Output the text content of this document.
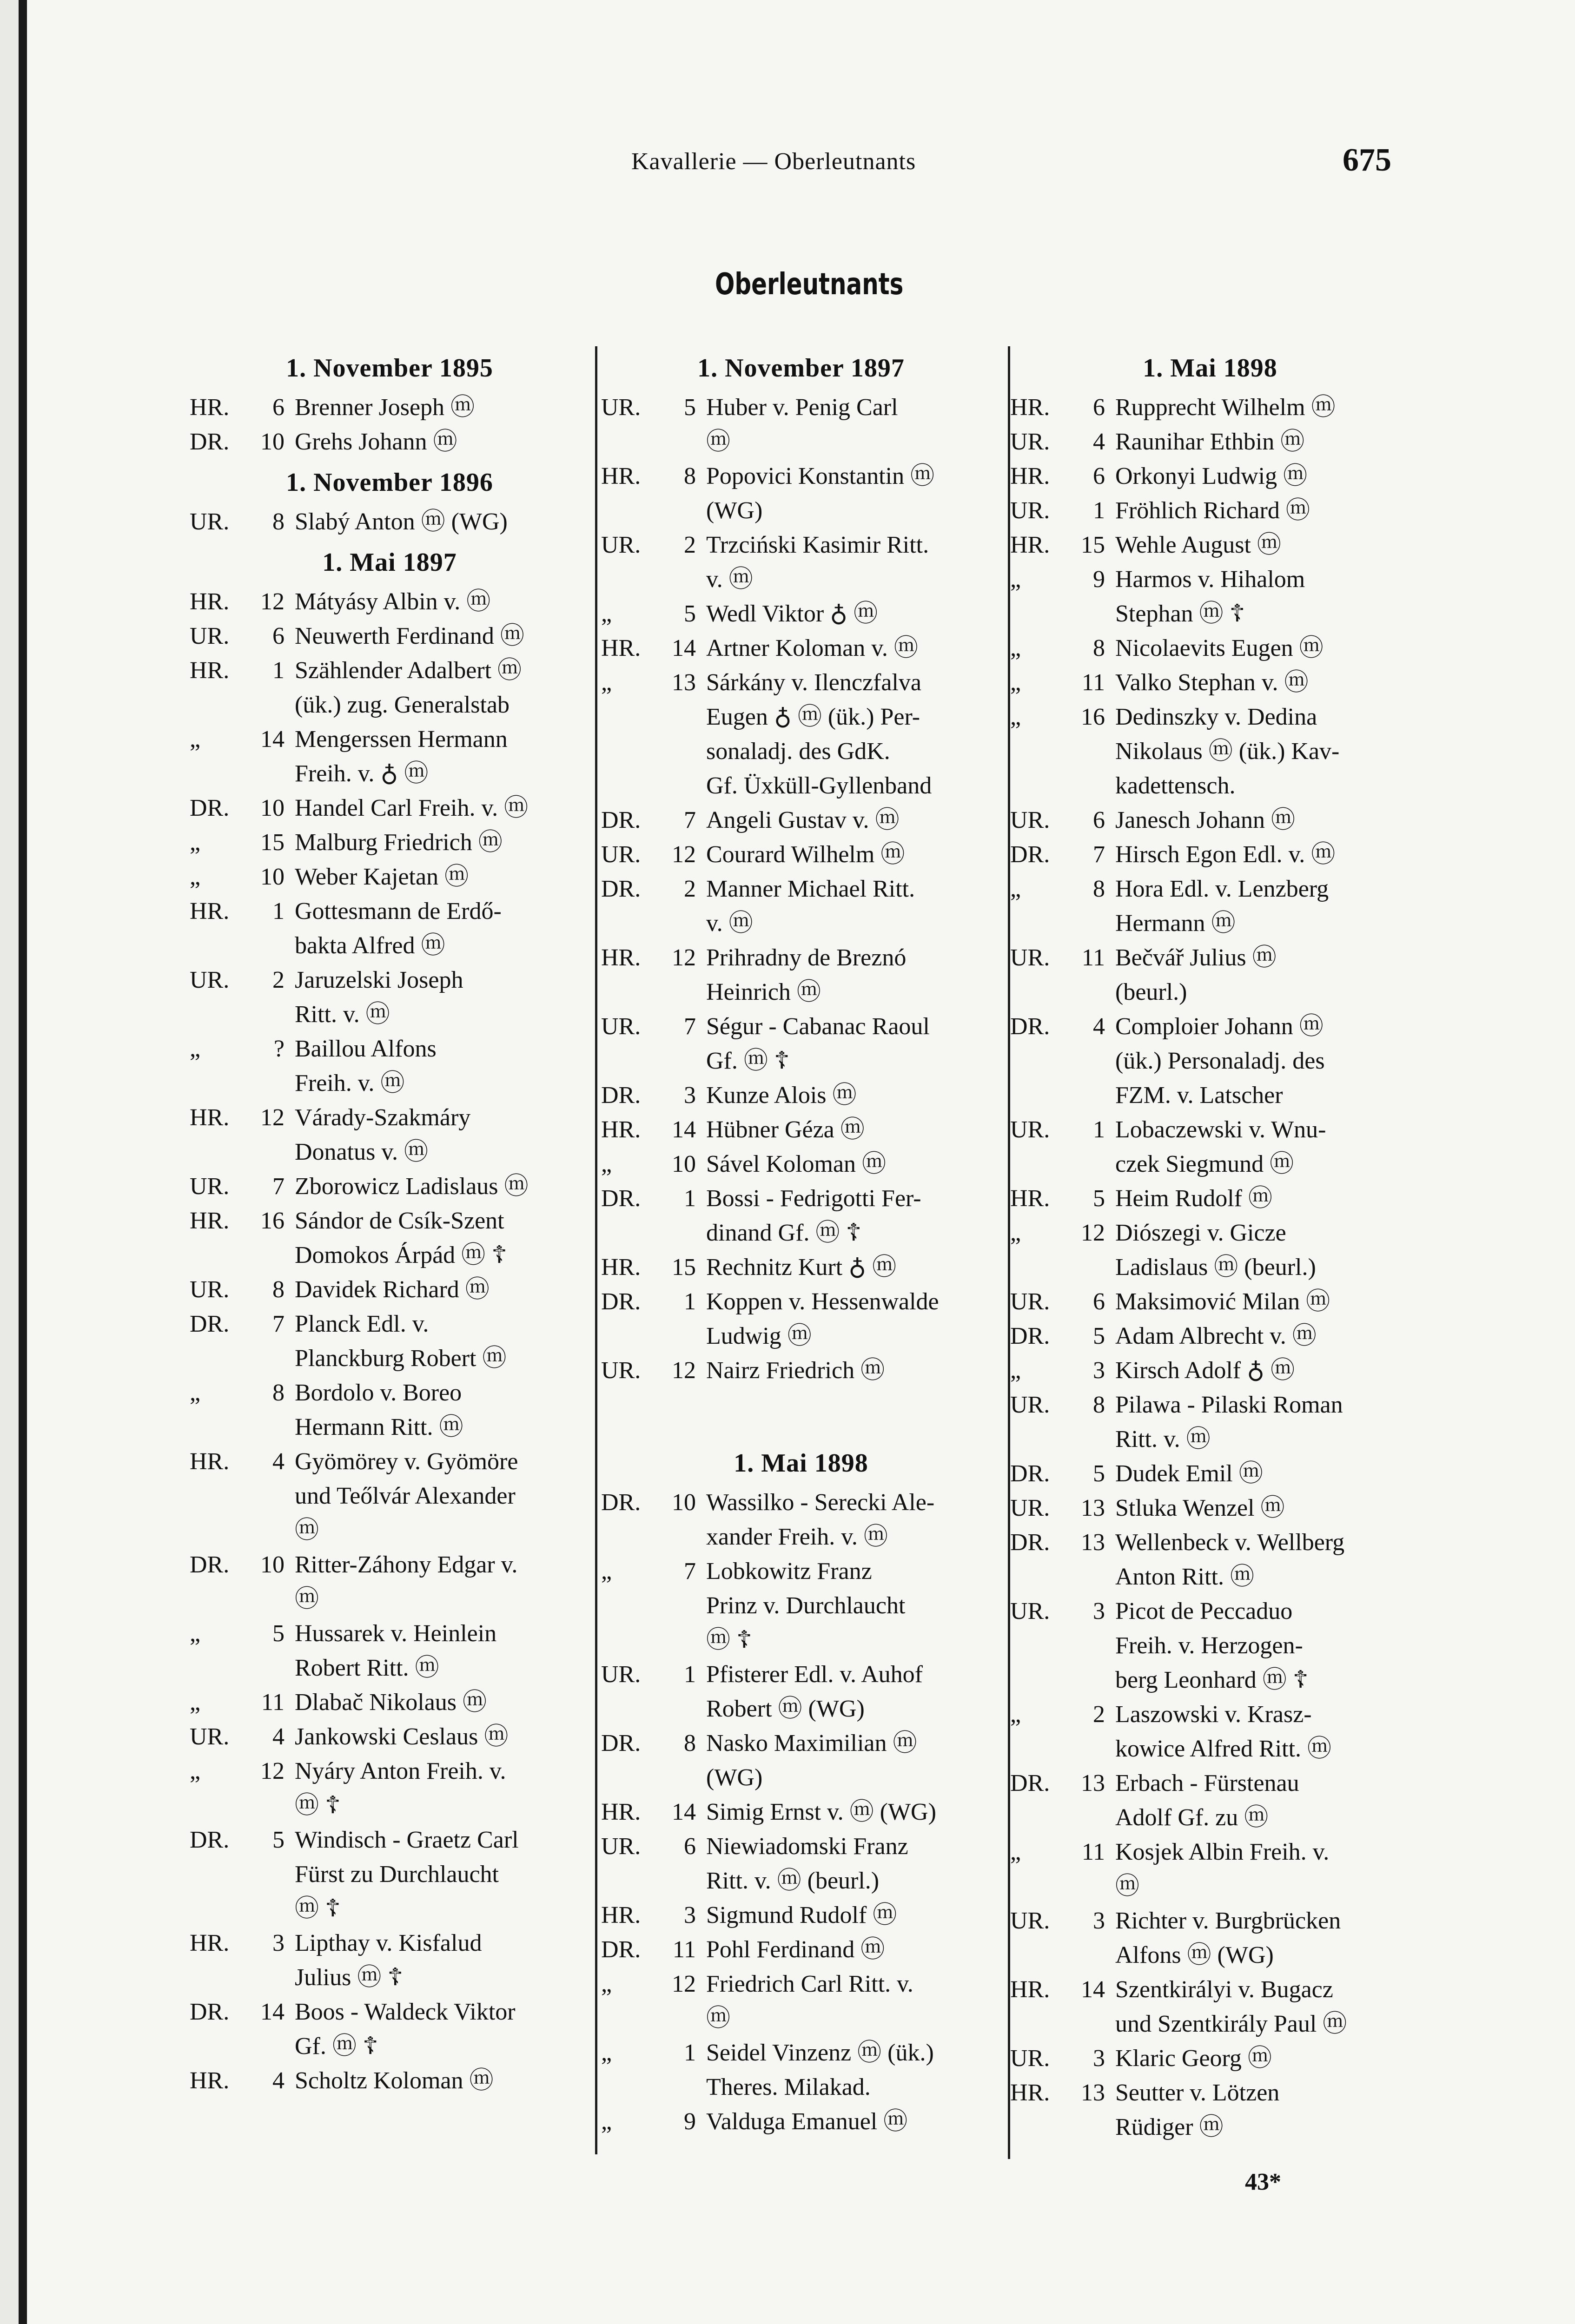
Kavallerie — Oberleutnants	675
Oberleutnants
1. November 1895
HR.	6 Brenner Joseph ⓜ
DR.	10 Grehs Johann ⓜ
1. November 1896
UR.	8 Slabý Anton ⓜ (WG)
1. Mai 1897
HR.	12 Mátyásy Albin v. ⓜ
UR.	6 Neuwerth Ferdinand ⓜ
HR.	1 Szählender Adalbert ⓜ
(ük.) zug. Generalstab
„	14 Mengerssen Hermann
Freih. v. ♁ ⓜ
DR.	10 Handel Carl Freih. v. ⓜ
„	15 Malburg Friedrich ⓜ
„	10 Weber Kajetan ⓜ
HR.	1 Gottesmann de Erdő-
bakta Alfred ⓜ
UR.	2 Jaruzelski Joseph
Ritt. v. ⓜ
„	? Baillou Alfons
Freih. v. ⓜ
HR.	12 Várady-Szakmáry
Donatus v. ⓜ
UR.	7 Zborowicz Ladislaus ⓜ
HR.	16 Sándor de Csík-Szent
Domokos Árpád ⓜ ☦
UR.	8 Davidek Richard ⓜ
DR.	7 Planck Edl. v.
Planckburg Robert ⓜ
„	8 Bordolo v. Boreo
Hermann Ritt. ⓜ
HR.	4 Gyömörey v. Gyömöre
und Teőlvár Alexander
ⓜ
DR.	10 Ritter-Záhony Edgar v.
ⓜ
„	5 Hussarek v. Heinlein
Robert Ritt. ⓜ
„	11 Dlabač Nikolaus ⓜ
UR.	4 Jankowski Ceslaus ⓜ
„	12 Nyáry Anton Freih. v.
ⓜ ☦
DR.	5 Windisch - Graetz Carl
Fürst zu Durchlaucht
ⓜ ☦
HR.	3 Lipthay v. Kisfalud
Julius ⓜ ☦
DR.	14 Boos - Waldeck Viktor
Gf. ⓜ ☦
HR.	4 Scholtz Koloman ⓜ
1. November 1897
UR.	5 Huber v. Penig Carl
ⓜ
HR.	8 Popovici Konstantin ⓜ
(WG)
UR.	2 Trzciński Kasimir Ritt.
v. ⓜ
„	5 Wedl Viktor ♁ ⓜ
HR.	14 Artner Koloman v. ⓜ
„	13 Sárkány v. Ilenczfalva
Eugen ♁ ⓜ (ük.) Per-
sonaladj. des GdK.
Gf. Üxküll-Gyllenband
DR.	7 Angeli Gustav v. ⓜ
UR.	12 Courard Wilhelm ⓜ
DR.	2 Manner Michael Ritt.
v. ⓜ
HR.	12 Prihradny de Breznó
Heinrich ⓜ
UR.	7 Ségur - Cabanac Raoul
Gf. ⓜ ☦
DR.	3 Kunze Alois ⓜ
HR.	14 Hübner Géza ⓜ
„	10 Sável Koloman ⓜ
DR.	1 Bossi - Fedrigotti Fer-
dinand Gf. ⓜ ☦
HR.	15 Rechnitz Kurt ♁ ⓜ
DR.	1 Koppen v. Hessenwalde
Ludwig ⓜ
UR.	12 Nairz Friedrich ⓜ
1. Mai 1898
DR.	10 Wassilko - Serecki Ale-
xander Freih. v. ⓜ
„	7 Lobkowitz Franz
Prinz v. Durchlaucht
ⓜ ☦
UR.	1 Pfisterer Edl. v. Auhof
Robert ⓜ (WG)
DR.	8 Nasko Maximilian ⓜ
(WG)
HR.	14 Simig Ernst v. ⓜ (WG)
UR.	6 Niewiadomski Franz
Ritt. v. ⓜ (beurl.)
HR.	3 Sigmund Rudolf ⓜ
DR.	11 Pohl Ferdinand ⓜ
„	12 Friedrich Carl Ritt. v.
ⓜ
„	1 Seidel Vinzenz ⓜ (ük.)
Theres. Milakad.
„	9 Valduga Emanuel ⓜ
1. Mai 1898
HR.	6 Rupprecht Wilhelm ⓜ
UR.	4 Raunihar Ethbin ⓜ
HR.	6 Orkonyi Ludwig ⓜ
UR.	1 Fröhlich Richard ⓜ
HR.	15 Wehle August ⓜ
„	9 Harmos v. Hihalom
Stephan ⓜ ☦
„	8 Nicolaevits Eugen ⓜ
„	11 Valko Stephan v. ⓜ
„	16 Dedinszky v. Dedina
Nikolaus ⓜ (ük.) Kav-
kadettensch.
UR.	6 Janesch Johann ⓜ
DR.	7 Hirsch Egon Edl. v. ⓜ
„	8 Hora Edl. v. Lenzberg
Hermann ⓜ
UR.	11 Bečvář Julius ⓜ
(beurl.)
DR.	4 Comploier Johann ⓜ
(ük.) Personaladj. des
FZM. v. Latscher
UR.	1 Lobaczewski v. Wnu-
czek Siegmund ⓜ
HR.	5 Heim Rudolf ⓜ
„	12 Diószegi v. Gicze
Ladislaus ⓜ (beurl.)
UR.	6 Maksimović Milan ⓜ
DR.	5 Adam Albrecht v. ⓜ
„	3 Kirsch Adolf ♁ ⓜ
UR.	8 Pilawa - Pilaski Roman
Ritt. v. ⓜ
DR.	5 Dudek Emil ⓜ
UR.	13 Stluka Wenzel ⓜ
DR.	13 Wellenbeck v. Wellberg
Anton Ritt. ⓜ
UR.	3 Picot de Peccaduo
Freih. v. Herzogen-
berg Leonhard ⓜ ☦
„	2 Laszowski v. Krasz-
kowice Alfred Ritt. ⓜ
DR.	13 Erbach - Fürstenau
Adolf Gf. zu ⓜ
„	11 Kosjek Albin Freih. v.
ⓜ
UR.	3 Richter v. Burgbrücken
Alfons ⓜ (WG)
HR.	14 Szentkirályi v. Bugacz
und Szentkirály Paul ⓜ
UR.	3 Klaric Georg ⓜ
HR.	13 Seutter v. Lötzen
Rüdiger ⓜ
43*
